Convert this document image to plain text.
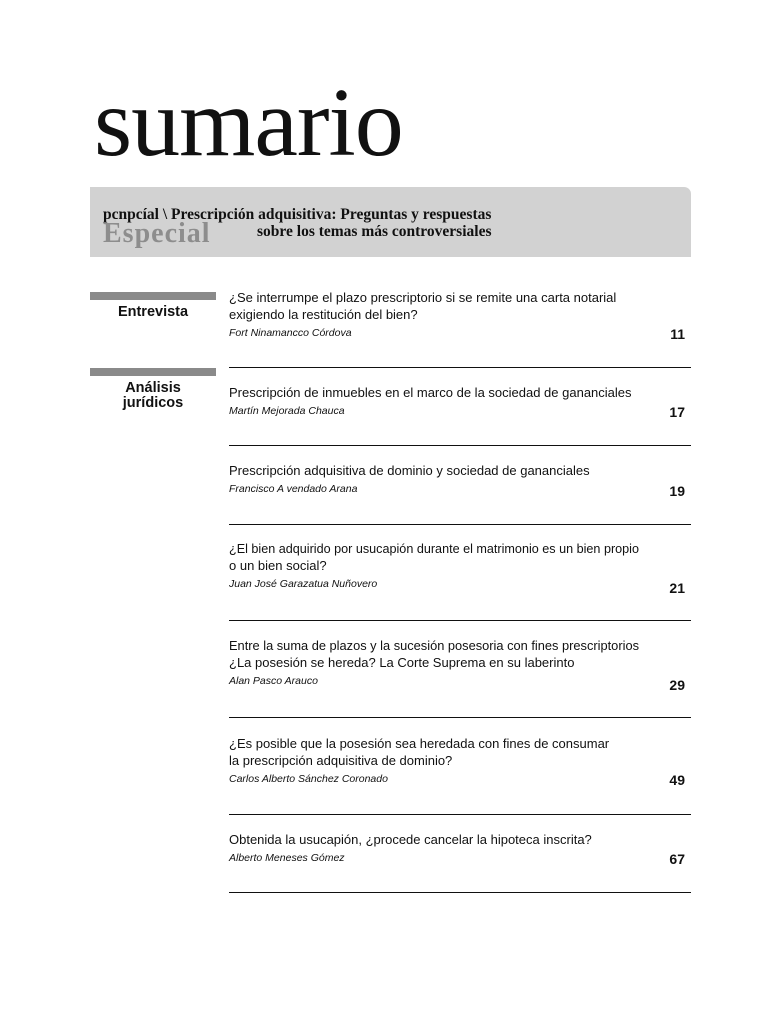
sumario
Especial
pcnpcíal \ Prescripción adquisitiva: Preguntas y respuestas
sobre los temas más controversiales
Entrevista
Análisis
jurídicos
¿Se interrumpe el plazo prescriptorio si se remite una carta notarial
exigiendo la restitución del bien?
Fort Ninamancco Córdova	11
Prescripción de inmuebles en el marco de la sociedad de gananciales
Martín Mejorada Chauca	17
Prescripción adquisitiva de dominio y sociedad de gananciales
Francisco A vendado Arana	19
¿El bien adquirido por usucapión durante el matrimonio es un bien propio
o un bien social?
Juan José Garazatua Nuñovero	21
Entre la suma de plazos y la sucesión posesoria con fines prescriptorios
¿La posesión se hereda? La Corte Suprema en su laberinto
Alan Pasco Arauco	29
¿Es posible que la posesión sea heredada con fines de consumar
la prescripción adquisitiva de dominio?
Carlos Alberto Sánchez Coronado	49
Obtenida la usucapión, ¿procede cancelar la hipoteca inscrita?
Alberto Meneses Gómez	67
